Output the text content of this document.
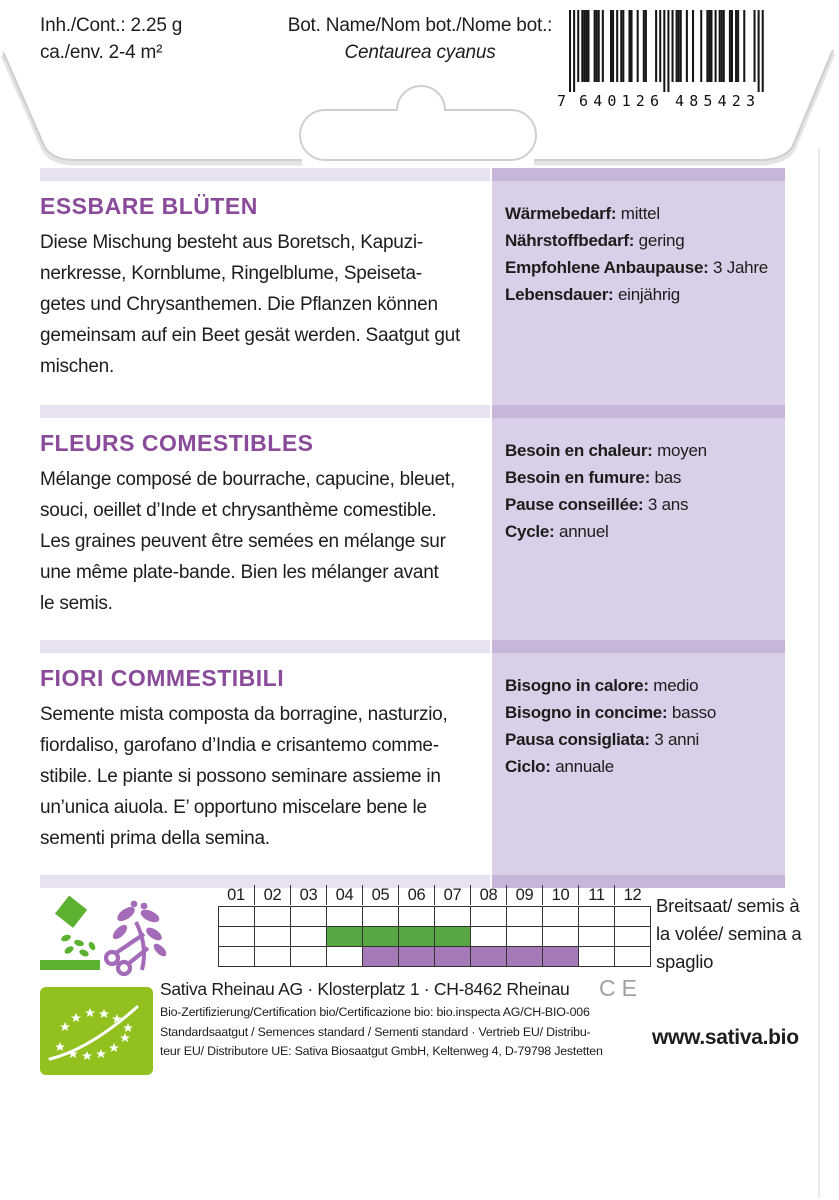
Inh./Cont.: 2.25 g
ca./env. 2-4 m²
Bot. Name/Nom bot./Nome bot.:
Centaurea cyanus
7 640126 485423
ESSBARE BLÜTEN
Diese Mischung besteht aus Boretsch, Kapuzi-
nerkresse, Kornblume, Ringelblume, Speiseta-
getes und Chrysanthemen. Die Pflanzen können
gemeinsam auf ein Beet gesät werden. Saatgut gut
mischen.
Wärmebedarf: mittel
Nährstoffbedarf: gering
Empfohlene Anbaupause: 3 Jahre
Lebensdauer: einjährig
FLEURS COMESTIBLES
Mélange composé de bourrache, capucine, bleuet,
souci, oeillet d’Inde et chrysanthème comestible.
Les graines peuvent être semées en mélange sur
une même plate-bande. Bien les mélanger avant
le semis.
Besoin en chaleur: moyen
Besoin en fumure: bas
Pause conseillée: 3 ans
Cycle: annuel
FIORI COMMESTIBILI
Semente mista composta da borragine, nasturzio,
fiordaliso, garofano d’India e crisantemo comme-
stibile. Le piante si possono seminare assieme in
un’unica aiuola. E’ opportuno miscelare bene le
sementi prima della semina.
Bisogno in calore: medio
Bisogno in concime: basso
Pausa consigliata: 3 anni
Ciclo: annuale
01	02	03	04	05	06	07	08	09	10	11	12 Breitsaat/ semis à
la volée/ semina a
spaglio
Sativa Rheinau AG · Klosterplatz 1 · CH-8462 Rheinau CE
Bio-Zertifizierung/Certification bio/Certificazione bio: bio.inspecta AG/CH-BIO-006
Standardsaatgut / Semences standard / Sementi standard · Vertrieb EU/ Distribu-
teur EU/ Distributore UE: Sativa Biosaatgut GmbH, Keltenweg 4, D-79798 Jestetten
www.sativa.bio
